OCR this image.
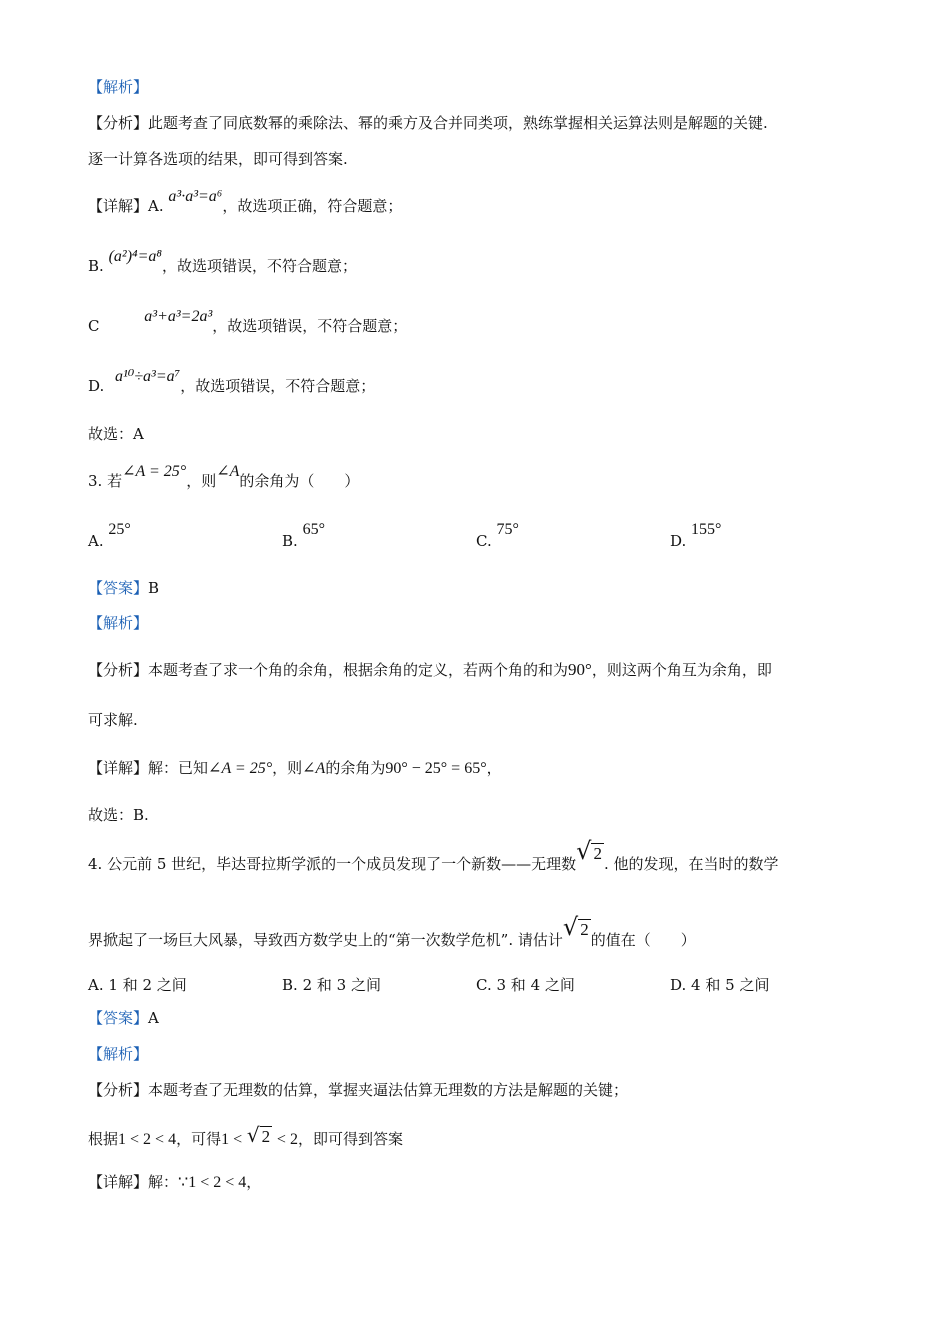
【解析】
【分析】此题考查了同底数幂的乘除法、幂的乘方及合并同类项，熟练掌握相关运算法则是解题的关键.
逐一计算各选项的结果，即可得到答案.
【详解】A. a³·a³=a⁶，故选项正确，符合题意；
B. (a²)⁴=a⁸，故选项错误，不符合题意；
C a³+a³=2a³，故选项错误，不符合题意；
D. a¹⁰÷a³=a⁷，故选项错误，不符合题意；
故选：A
3. 若∠A = 25°，则∠A的余角为（　　）
A. 25°
B. 65°
C. 75°
D. 155°
【答案】B
【解析】
【分析】本题考查了求一个角的余角，根据余角的定义，若两个角的和为90°，则这两个角互为余角，即
可求解.
【详解】解：已知∠A = 25°，则∠A的余角为90° − 25° = 65°，
故选：B.
4. 公元前 5 世纪，毕达哥拉斯学派的一个成员发现了一个新数——无理数√ 2. 他的发现，在当时的数学
界掀起了一场巨大风暴，导致西方数学史上的“第一次数学危机”. 请估计√ 2的值在（　　）
A. 1 和 2 之间	B. 2 和 3 之间	C. 3 和 4 之间	D. 4 和 5 之间
【答案】A
【解析】
【分析】本题考查了无理数的估算，掌握夹逼法估算无理数的方法是解题的关键；
根据1 < 2 < 4，可得1 < √ 2 < 2，即可得到答案
【详解】解：∵1 < 2 < 4，
